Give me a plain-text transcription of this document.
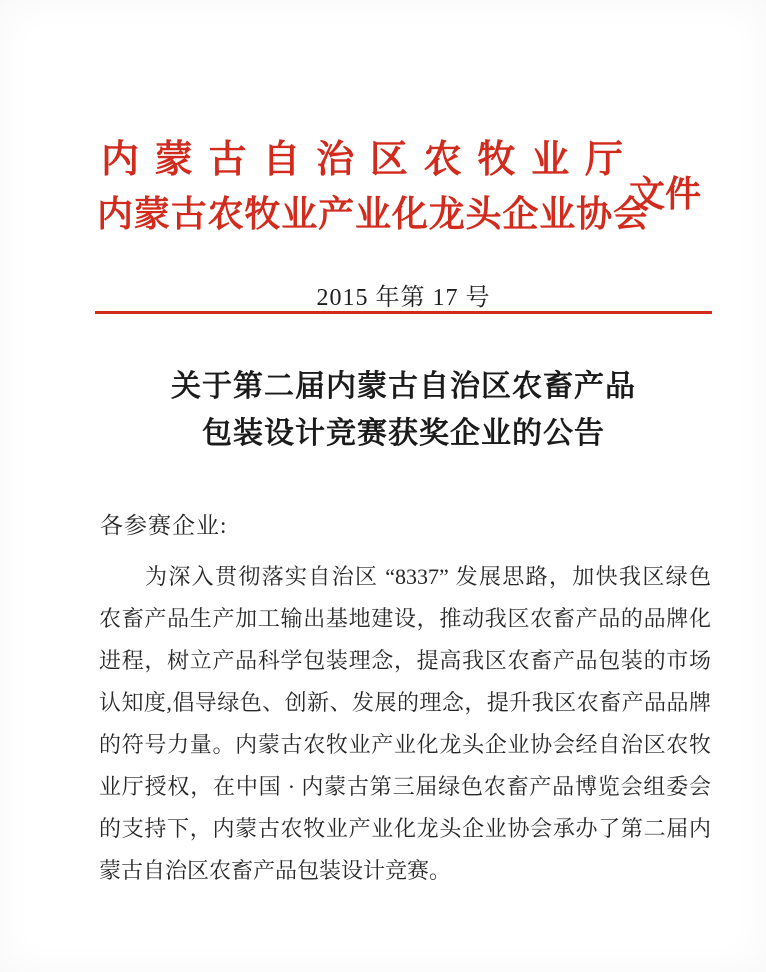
内蒙古自治区农牧业厅
内蒙古农牧业产业化龙头企业协会
文件
2015 年第 17 号
关于第二届内蒙古自治区农畜产品
包装设计竞赛获奖企业的公告
各参赛企业:
为深入贯彻落实自治区 “8337” 发展思路，加快我区绿色
农畜产品生产加工输出基地建设，推动我区农畜产品的品牌化
进程，树立产品科学包装理念，提高我区农畜产品包装的市场
认知度,倡导绿色、创新、发展的理念，提升我区农畜产品品牌
的符号力量。内蒙古农牧业产业化龙头企业协会经自治区农牧
业厅授权，在中国 · 内蒙古第三届绿色农畜产品博览会组委会
的支持下，内蒙古农牧业产业化龙头企业协会承办了第二届内
蒙古自治区农畜产品包装设计竞赛。
